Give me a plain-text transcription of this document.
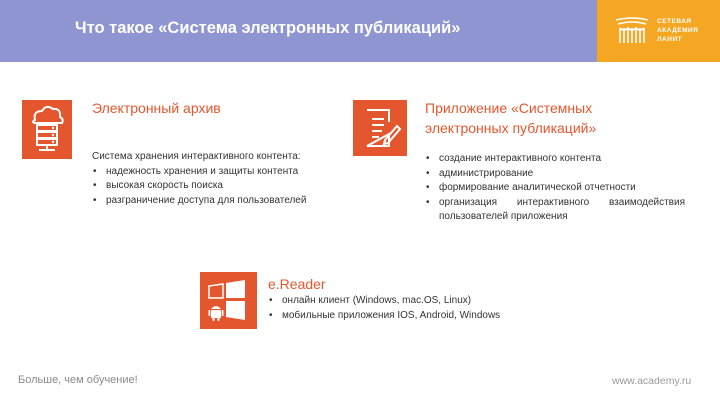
Что такое «Система электронных публикаций»	СЕТЕВАЯ
АКАДЕМИЯ
ЛАНИТ
Электронный архив
Система хранения интерактивного контента:
• надежность хранения и защиты контента
• высокая скорость поиска
• разграничение доступа для пользователей
Приложение «Системных
электронных публикаций»
• создание интерактивного контента
• администрирование
• формирование аналитической отчетности
• организация интерактивного взаимодействия пользователей приложения
e.Reader
• онлайн клиент (Windows, mac.OS, Linux)
• мобильные приложения IOS, Android, Windows
Больше, чем обучение!	www.academy.ru
